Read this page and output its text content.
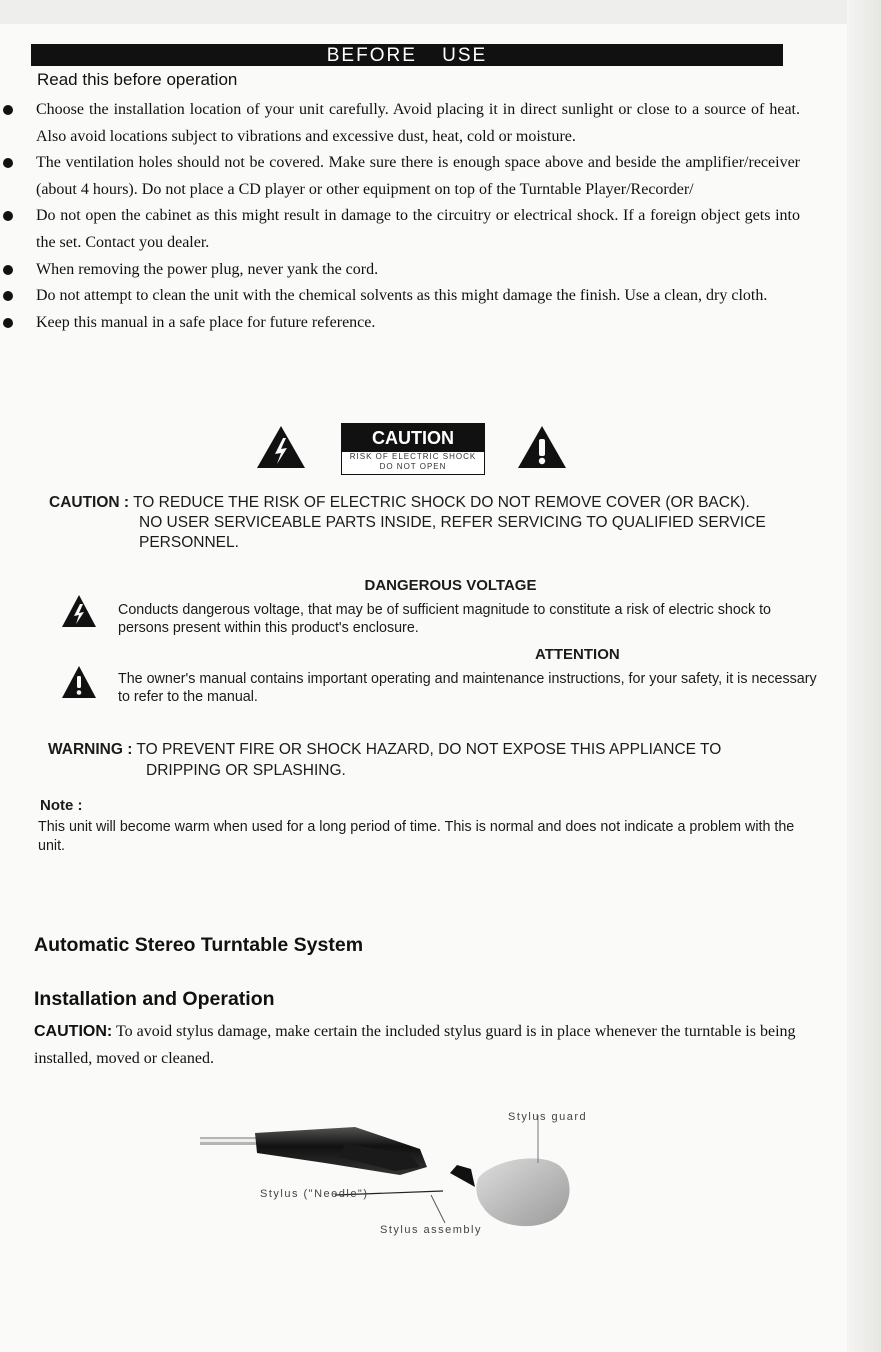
BEFORE USE
Read this before operation
Choose the installation location of your unit carefully. Avoid placing it in direct sunlight or close to a source of heat. Also avoid locations subject to vibrations and excessive dust, heat, cold or moisture.
The ventilation holes should not be covered. Make sure there is enough space above and beside the amplifier/receiver (about 4 hours). Do not place a CD player or other equipment on top of the Turntable Player/Recorder/
Do not open the cabinet as this might result in damage to the circuitry or electrical shock. If a foreign object gets into the set. Contact you dealer.
When removing the power plug, never yank the cord.
Do not attempt to clean the unit with the chemical solvents as this might damage the finish. Use a clean, dry cloth.
Keep this manual in a safe place for future reference.
CAUTION
RISK OF ELECTRIC SHOCK
DO NOT OPEN
CAUTION : TO REDUCE THE RISK OF ELECTRIC SHOCK DO NOT REMOVE COVER (OR BACK).
NO USER SERVICEABLE PARTS INSIDE, REFER SERVICING TO QUALIFIED SERVICE PERSONNEL.
DANGEROUS VOLTAGE
Conducts dangerous voltage, that may be of sufficient magnitude to constitute a risk of electric shock to persons present within this product's enclosure.
ATTENTION
The owner's manual contains important operating and maintenance instructions, for your safety, it is necessary to refer to the manual.
WARNING : TO PREVENT FIRE OR SHOCK HAZARD, DO NOT EXPOSE THIS APPLIANCE TO
DRIPPING OR SPLASHING.
Note :
This unit will become warm when used for a long period of time. This is normal and does not indicate a problem with the unit.
Automatic Stereo Turntable System
Installation and Operation
CAUTION: To avoid stylus damage, make certain the included stylus guard is in place whenever the turntable is being installed, moved or cleaned.
Stylus guard
Stylus ("Needle")
Stylus assembly
